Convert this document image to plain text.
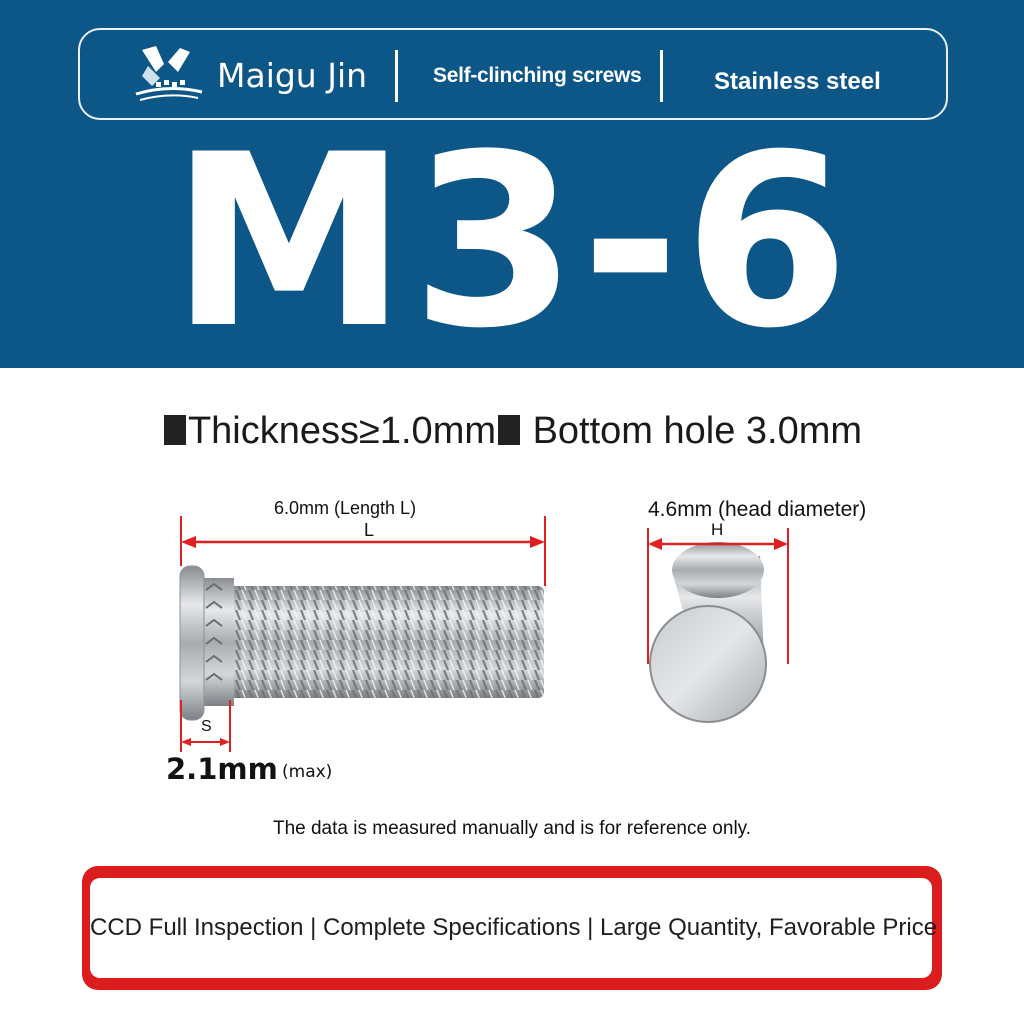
Maigu Jin	Self-clinching screws	Stainless steel
M3-6
Thickness≥1.0mm Bottom hole 3.0mm
6.0mm (Length L)
L
4.6mm (head diameter)
H
S
2.1mm (max)
The data is measured manually and is for reference only.
CCD Full Inspection | Complete Specifications | Large Quantity, Favorable Price
